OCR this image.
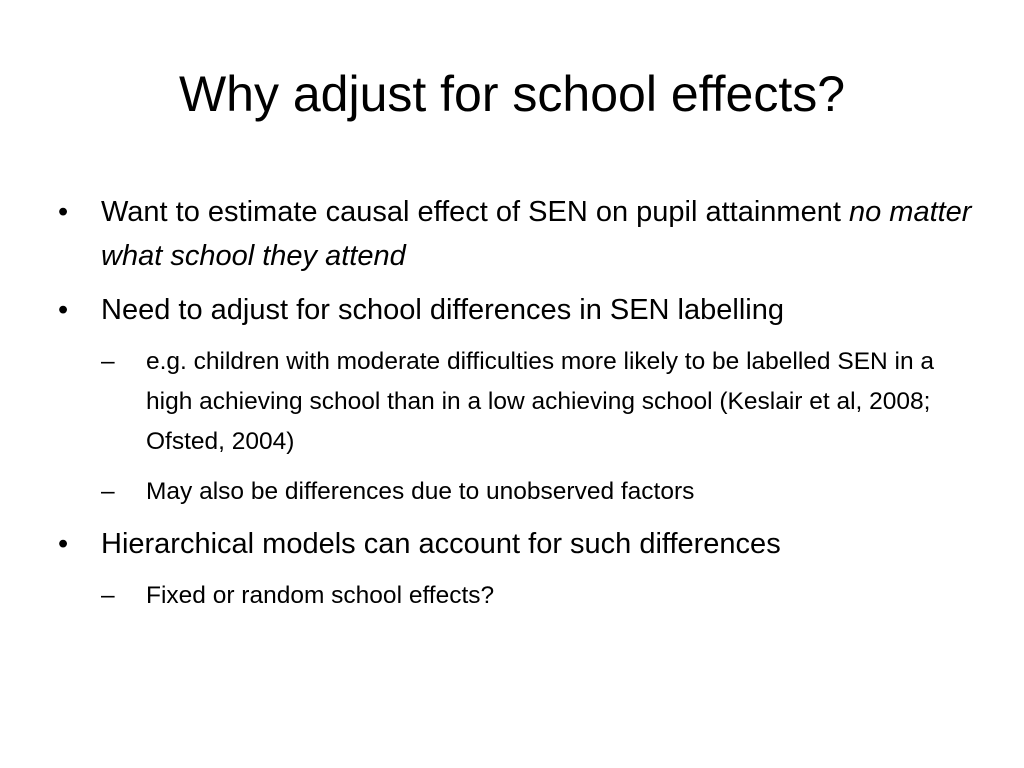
Why adjust for school effects?
•	Want to estimate causal effect of SEN on pupil attainment no matter what school they attend
•	Need to adjust for school differences in SEN labelling
–	e.g. children with moderate difficulties more likely to be labelled SEN in a high achieving school than in a low achieving school (Keslair et al, 2008; Ofsted, 2004)
–	May also be differences due to unobserved factors
•	Hierarchical models can account for such differences
–	Fixed or random school effects?
